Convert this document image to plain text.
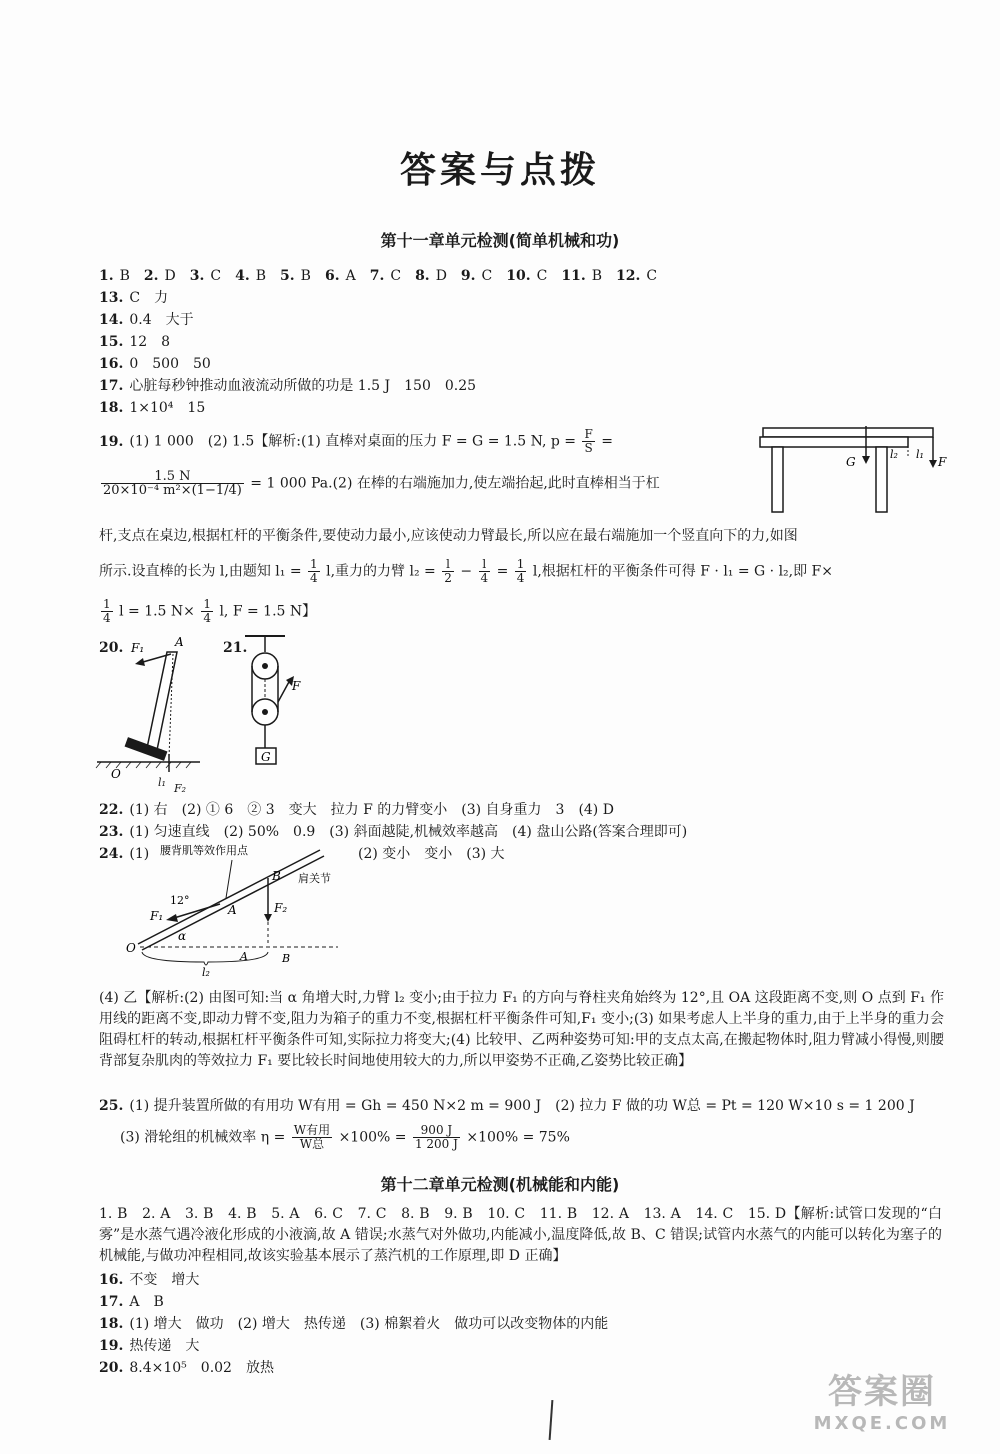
答案与点拨
第十一章单元检测(简单机械和功)
1. B 2. D 3. C 4. B 5. B 6. A 7. C 8. D 9. C 10. C 11. B 12. C
13. C　力
14. 0.4　大于
15. 12　8
16. 0　500　50
17. 心脏每秒钟推动血液流动所做的功是 1.5 J　150　0.25
18. 1×10⁴　15
19. (1) 1 000　(2) 1.5【解析:(1) 直棒对桌面的压力 F = G = 1.5 N, $p = \frac{F}{S}$ =
$\frac{1.5 N}{\text{20×10⁻⁴ m²×(1−1/4)}} = 1$ 000 Pa.(2) 在棒的右端施加力,使左端抬起,此时直棒相当于杠
杆,支点在桌边,根据杠杆的平衡条件,要使动力最小,应该使动力臂最长,所以应在最右端施加一个竖直向下的力,如图
所示.设直棒的长为 l,由题知 $l_1 = \frac{1}{4} l$,重力的力臂 $l_2 = \frac{l}{2} - \frac{l}{4} = \frac{1}{4} l$,根据杠杆的平衡条件可得 F · l₁ = G · l₂,即 F×
$\frac{1}{4}$ l = 1.5 $N\times \frac{1}{4} l$, F = 1.5 N】
G
l₂ l₁
F
20. F₁	A
O
l₁ F₂
21.
F
G
22. (1) 右　(2) ① 6　② 3　变大　拉力 F 的力臂变小　(3) 自身重力　3　(4) D
23. (1) 匀速直线　(2) 50%　0.9　(3) 斜面越陡,机械效率越高　(4) 盘山公路(答案合理即可)
24. (1)	(2) 变小　变小　(3) 大
腰背肌等效作用点
肩关节
12°
F₁	A
B
F₂
O
α
A	B
l₂
(4) 乙【解析:(2) 由图可知:当 α 角增大时,力臂 l₂ 变小;由于拉力 F₁ 的方向与脊柱夹角始终为 12°,且 OA 这段距离不变,则 O 点到 F₁ 作用线的距离不变,即动力臂不变,阻力为箱子的重力不变,根据杠杆平衡条件可知,F₁ 变小;(3) 如果考虑人上半身的重力,由于上半身的重力会阻碍杠杆的转动,根据杠杆平衡条件可知,实际拉力将变大;(4) 比较甲、乙两种姿势可知:甲的支点太高,在搬起物体时,阻力臂减小得慢,则腰背部复杂肌肉的等效拉力 F₁ 要比较长时间地使用较大的力,所以甲姿势不正确,乙姿势比较正确】
25. (1) 提升装置所做的有用功 W有用 = Gh = 450 N×2 m = 900 J　(2) 拉力 F 做的功 W总 = Pt = 120 W×10 s = 1 200 J
(3) 滑轮组的机械效率 $\eta = \frac{\text{W有用}}{\text{W总}} \times 100\% = \frac{900 J}{1 200 J} \times 100\% = 75\%$
第十二章单元检测(机械能和内能)
1. B　2. A　3. B　4. B　5. A　6. C　7. C　8. B　9. B　10. C　11. B　12. A　13. A　14. C　15. D【解析:试管口发现的“白雾”是水蒸气遇冷液化形成的小液滴,故 A 错误;水蒸气对外做功,内能减小,温度降低,故 B、C 错误;试管内水蒸气的内能可以转化为塞子的机械能,与做功冲程相同,故该实验基本展示了蒸汽机的工作原理,即 D 正确】
16. 不变　增大
17. A　B
18. (1) 增大　做功　(2) 增大　热传递　(3) 棉絮着火　做功可以改变物体的内能
19. 热传递　大
20. 8.4×10⁵　0.02　放热
答案圈
MXQE.COM
